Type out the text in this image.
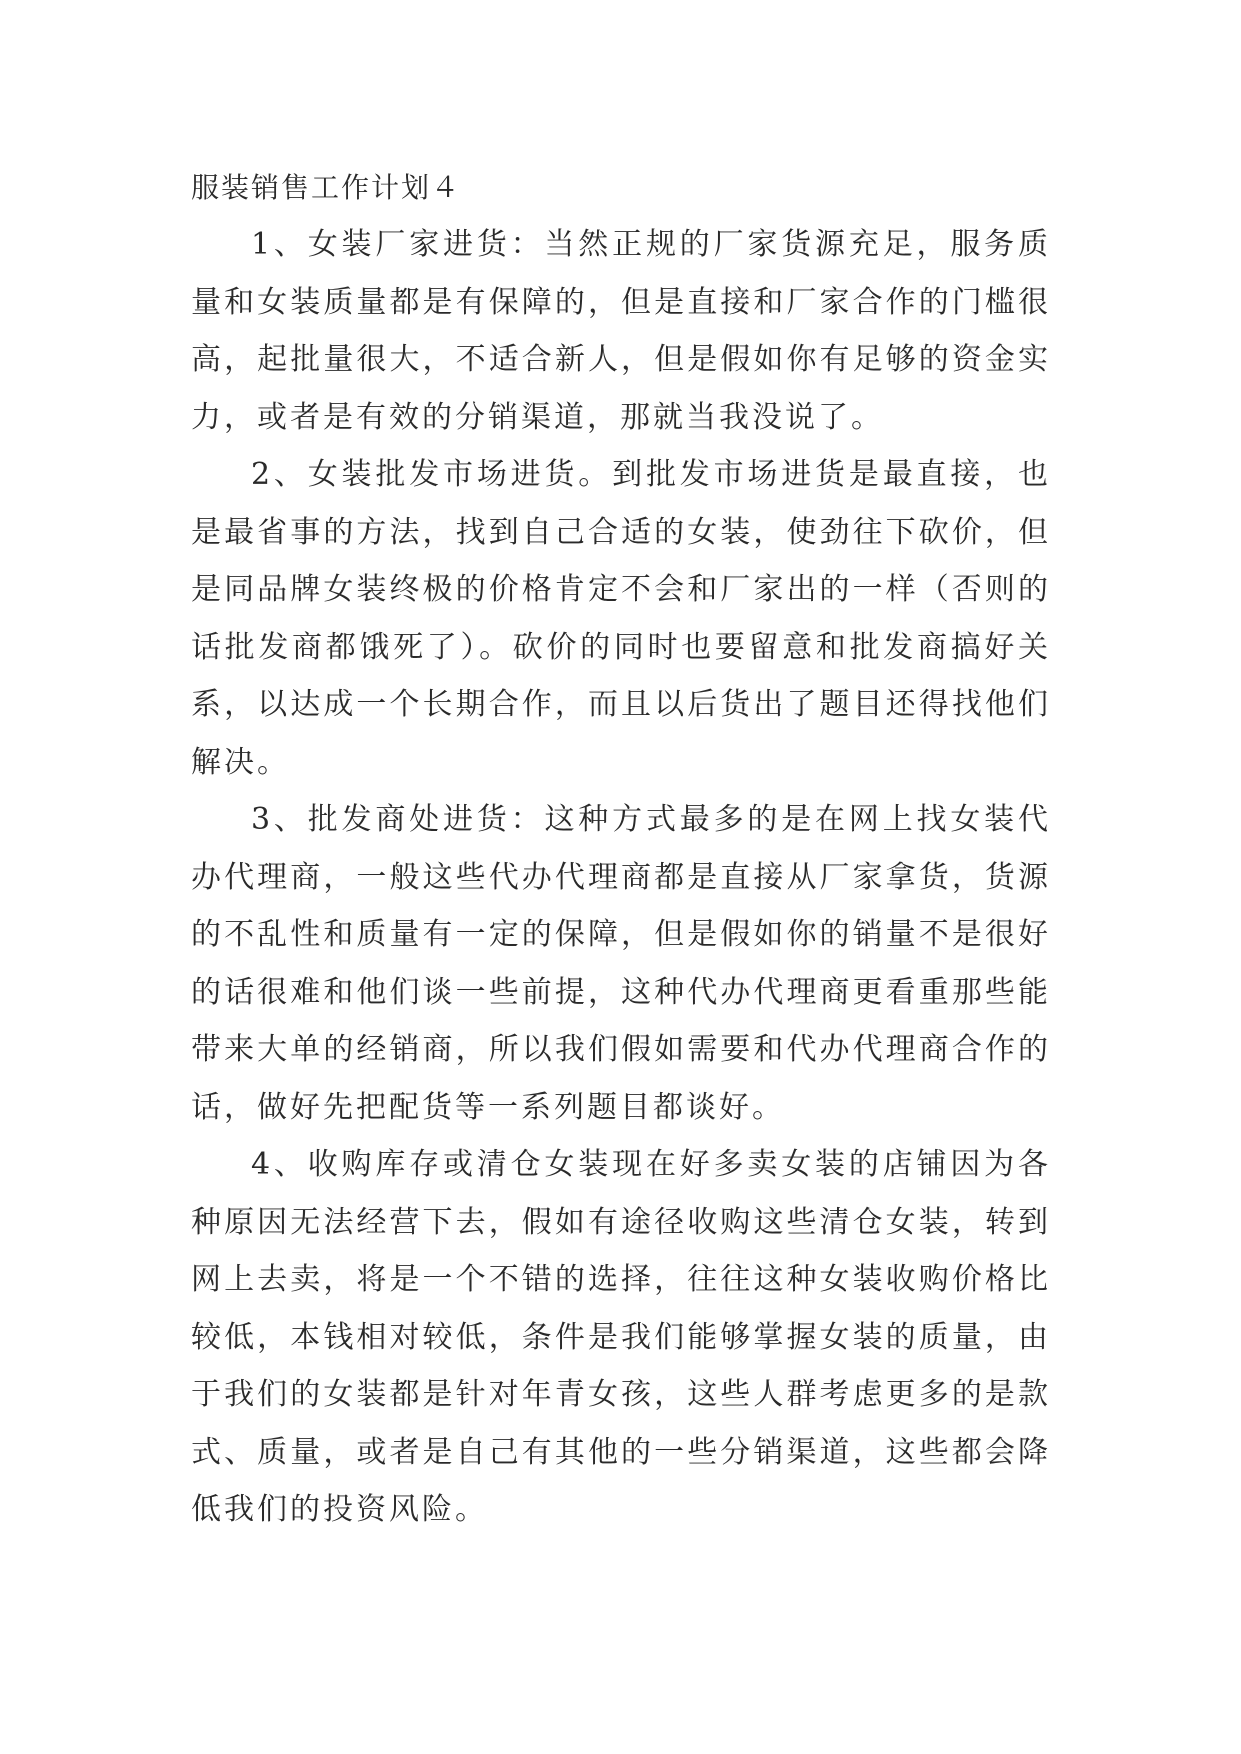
服装销售工作计划４

1、女装厂家进货：当然正规的厂家货源充足，服务质量和女装质量都是有保障的，但是直接和厂家合作的门槛很高，起批量很大，不适合新人，但是假如你有足够的资金实力，或者是有效的分销渠道，那就当我没说了。

2、女装批发市场进货。到批发市场进货是最直接，也是最省事的方法，找到自己合适的女装，使劲往下砍价，但是同品牌女装终极的价格肯定不会和厂家出的一样（否则的话批发商都饿死了）。砍价的同时也要留意和批发商搞好关系，以达成一个长期合作，而且以后货出了题目还得找他们解决。

3、批发商处进货：这种方式最多的是在网上找女装代办代理商，一般这些代办代理商都是直接从厂家拿货，货源的不乱性和质量有一定的保障，但是假如你的销量不是很好的话很难和他们谈一些前提，这种代办代理商更看重那些能带来大单的经销商，所以我们假如需要和代办代理商合作的话，做好先把配货等一系列题目都谈好。

4、收购库存或清仓女装现在好多卖女装的店铺因为各种原因无法经营下去，假如有途径收购这些清仓女装，转到网上去卖，将是一个不错的选择，往往这种女装收购价格比较低，本钱相对较低，条件是我们能够掌握女装的质量，由于我们的女装都是针对年青女孩，这些人群考虑更多的是款式、质量，或者是自己有其他的一些分销渠道，这些都会降低我们的投资风险。
